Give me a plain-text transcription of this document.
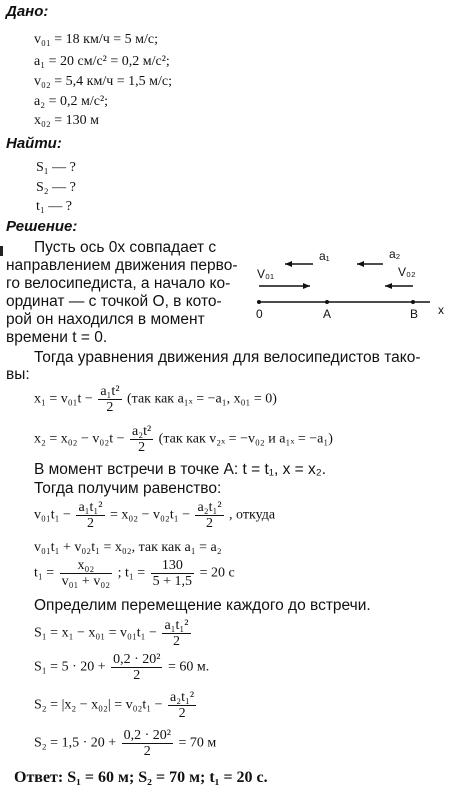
Дано:
v₀₁ = 18 км/ч = 5 м/с;
a₁ = 20 см/с² = 0,2 м/с²;
v₀₂ = 5,4 км/ч = 1,5 м/с;
a₂ = 0,2 м/с²;
x₀₂ = 130 м
Найти:
S₁ — ?
S₂ — ?
t₁ — ?
Решение:
Пусть ось 0x совпадает с
направлением движения перво-
го велосипедиста, а начало ко-
ординат — с точкой О, в кото-
рой он находился в момент
времени t = 0.
V₀₁
a₁	a₂
V₀₂
0	A	B x
Тогда уравнения движения для велосипедистов тако-
вы:
$x_1 = v_{01}t - \frac{\text{a₁t²}}{2} (так$ как a₁ₓ = −a₁, x₀₁ = 0)
$x_2 = x_{02} - v_{02}t - \frac{\text{a₂t²}}{2} (так$ как v₂ₓ = −v₀₂ и a₁ₓ = −a₁)
В момент встречи в точке А: t = t₁, x = x₂.
Тогда получим равенство:
$v_{01}t_1 - \frac{\text{a₁t₁²}}{2} = x_{02} - v_{02}t_1 - \frac{\text{a₂t₁²}}{2}$ , откуда
v₀₁t₁ + v₀₂t₁ = x₀₂, так как a₁ = a₂
$t_1 = \frac{\text{x₀₂}}{\text{v₀₁ + v₀₂}}$ ; $t_1 = \frac{130}{5 + 1,5} = 20$ с
Определим перемещение каждого до встречи.
$S_1 = x_1 - x_{01} = v_{01}t_1 - \frac{\text{a₁t₁²}}{2}$
$S_1 = 5 \cdot 20 + \frac{\text{0,2 · 20²}}{2} = 60$ м.
$S_2 = |x_2 - x_{02}| = v_{02}t_1 - \frac{\text{a₂t₁²}}{2}$
$S_2 = 1,5 \cdot 20 + \frac{\text{0,2 · 20²}}{2} = 70$ м
Ответ: S₁ = 60 м; S₂ = 70 м; t₁ = 20 с.
